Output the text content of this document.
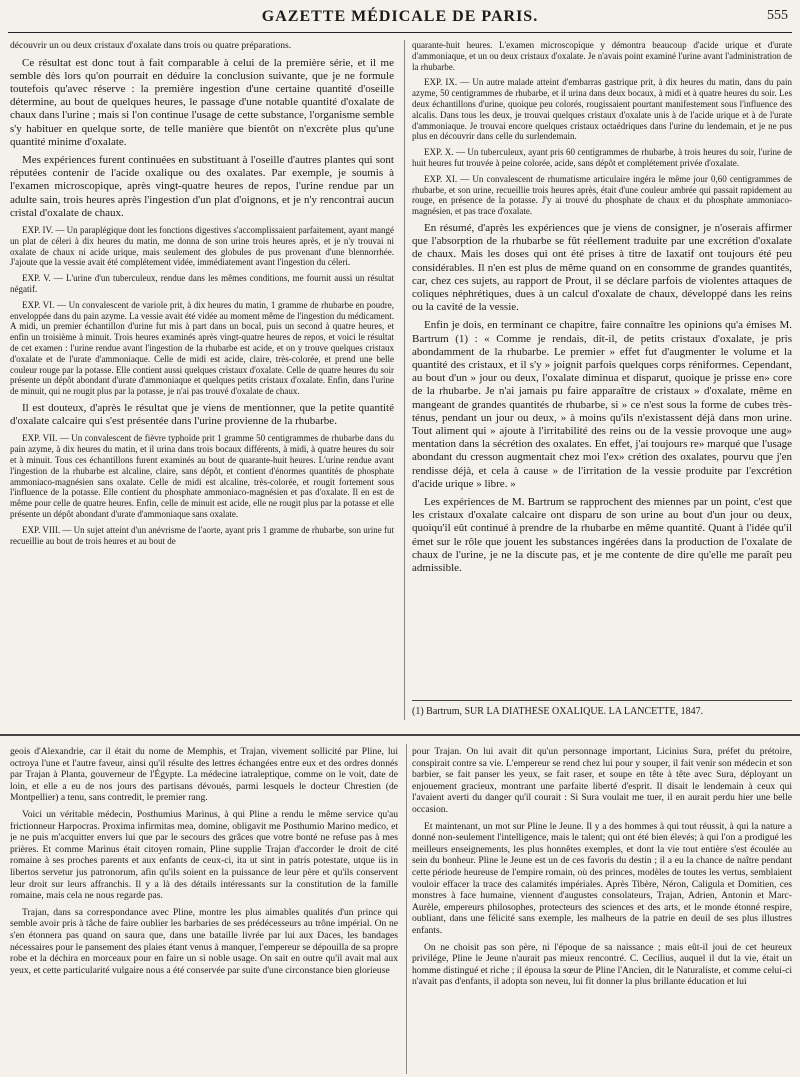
GAZETTE MÉDICALE DE PARIS.	555

découvrir un ou deux cristaux d'oxalate dans trois ou quatre préparations.

Ce résultat est donc tout à fait comparable à celui de la première série, et il me semble dès lors qu'on pourrait en déduire la conclusion suivante, que je ne formule toutefois qu'avec réserve : la première ingestion d'une certaine quantité d'oseille détermine, au bout de quelques heures, le passage d'une notable quantité d'oxalate de chaux dans l'urine ; mais si l'on continue l'usage de cette substance, l'organisme semble s'y habituer en quelque sorte, de telle manière que bientôt on n'excrète plus qu'une quantité minime d'oxalate.

Mes expériences furent continuées en substituant à l'oseille d'autres plantes qui sont réputées contenir de l'acide oxalique ou des oxalates. Par exemple, je soumis à l'examen microscopique, après vingt-quatre heures de repos, l'urine rendue par un adulte sain, trois heures après l'ingestion d'un plat d'oignons, et je n'y rencontrai aucun cristal d'oxalate de chaux.

EXP. IV. — Un paraplégique dont les fonctions digestives s'accomplissaient parfaitement, ayant mangé un plat de céleri à dix heures du matin, me donna de son urine trois heures après, et je n'y trouvai ni oxalate de chaux ni acide urique, mais seulement des globules de pus provenant d'une blennorrhée. J'ajoute que la vessie avait été complétement vidée, immédiatement avant l'ingestion du céleri.

EXP. V. — L'urine d'un tuberculeux, rendue dans les mêmes conditions, me fournit aussi un résultat négatif.

EXP. VI. — Un convalescent de variole prit, à dix heures du matin, 1 gramme de rhubarbe en poudre, enveloppée dans du pain azyme. La vessie avait été vidée au moment même de l'ingestion du médicament. A midi, un premier échantillon d'urine fut mis à part dans un bocal, puis un second à quatre heures, et enfin un troisième à minuit. Trois heures examinés après vingt-quatre heures de repos, et voici le résultat de cet examen : l'urine rendue avant l'ingestion de la rhubarbe est acide, et on y trouve quelques cristaux d'oxalate et de l'urate d'ammoniaque. Celle de midi est acide, claire, très-colorée, et prend une belle couleur rouge par la potasse. Elle contient aussi quelques cristaux d'oxalate. Celle de quatre heures du soir présente un dépôt abondant d'urate d'ammoniaque et quelques petits cristaux d'oxalate. Enfin, dans l'urine de minuit, qui ne rougit plus par la potasse, je n'ai pas trouvé d'oxalate de chaux.

Il est douteux, d'après le résultat que je viens de mentionner, que la petite quantité d'oxalate calcaire qui s'est présentée dans l'urine provienne de la rhubarbe.

EXP. VII. — Un convalescent de fièvre typhoïde prit 1 gramme 50 centigrammes de rhubarbe dans du pain azyme, à dix heures du matin, et il urina dans trois bocaux différents, à midi, à quatre heures du soir et à minuit. Tous ces échantillons furent examinés au bout de quarante-huit heures. L'urine rendue avant l'ingestion de la rhubarbe est alcaline, claire, sans dépôt, et contient d'énormes quantités de phosphate ammoniaco-magnésien sans oxalate. Celle de midi est alcaline, très-colorée, et rougit fortement sous l'influence de la potasse. Elle contient du phosphate ammoniaco-magnésien et pas d'oxalate. Il en est de même pour celle de quatre heures. Enfin, celle de minuit est acide, elle ne rougit plus par la potasse et elle présente un dépôt abondant d'urate d'ammoniaque sans oxalate.

EXP. VIII. — Un sujet atteint d'un anévrisme de l'aorte, ayant pris 1 gramme de rhubarbe, son urine fut recueillie au bout de trois heures et au bout de

quarante-huit heures. L'examen microscopique y démontra beaucoup d'acide urique et d'urate d'ammoniaque, et un ou deux cristaux d'oxalate. Je n'avais point examiné l'urine avant l'administration de la rhubarbe.

EXP. IX. — Un autre malade atteint d'embarras gastrique prit, à dix heures du matin, dans du pain azyme, 50 centigrammes de rhubarbe, et il urina dans deux bocaux, à midi et à quatre heures du soir. Les deux échantillons d'urine, quoique peu colorés, rougissaient pourtant manifestement sous l'influence des alcalis. Dans tous les deux, je trouvai quelques cristaux d'oxalate unis à de l'acide urique et à de l'urate d'ammoniaque. Je trouvai encore quelques cristaux octaédriques dans l'urine du lendemain, et je ne pus plus en découvrir dans celle du surlendemain.

EXP. X. — Un tuberculeux, ayant pris 60 centigrammes de rhubarbe, à trois heures du soir, l'urine de huit heures fut trouvée à peine colorée, acide, sans dépôt et complétement privée d'oxalate.

EXP. XI. — Un convalescent de rhumatisme articulaire ingéra le même jour 0,60 centigrammes de rhubarbe, et son urine, recueillie trois heures après, était d'une couleur ambrée qui passait rapidement au rouge, en présence de la potasse. J'y ai trouvé du phosphate de chaux et du phosphate ammoniaco-magnésien, et pas trace d'oxalate.

En résumé, d'après les expériences que je viens de consigner, je n'oserais affirmer que l'absorption de la rhubarbe se fût réellement traduite par une excrétion d'oxalate de chaux. Mais les doses qui ont été prises à titre de laxatif ont toujours été peu considérables. Il n'en est plus de même quand on en consomme de grandes quantités, car, chez ces sujets, au rapport de Prout, il se déclare parfois de violentes attaques de coliques néphrétiques, dues à un calcul d'oxalate de chaux, développé dans les reins ou la cavité de la vessie.

Enfin je dois, en terminant ce chapitre, faire connaître les opinions qu'a émises M. Bartrum (1) : « Comme je rendais, dit-il, de petits cristaux d'oxalate, je pris abondamment de la rhubarbe. Le premier » effet fut d'augmenter le volume et la quantité des cristaux, et il s'y » joignit parfois quelques corps réniformes. Cependant, au bout d'un » jour ou deux, l'oxalate diminua et disparut, quoique je prisse en» core de la rhubarbe. Je n'ai jamais pu faire apparaître de cristaux » d'oxalate, même en mangeant de grandes quantités de rhubarbe, si » ce n'est sous la forme de cubes très-ténus, pendant un jour ou deux, » à moins qu'ils n'existassent déjà dans mon urine. Tout aliment qui » ajoute à l'irritabilité des reins ou de la vessie provoque une aug» mentation dans la sécrétion des oxalates. En effet, j'ai toujours re» marqué que l'usage abondant du cresson augmentait chez moi l'ex» crétion des oxalates, pourvu que j'en rendisse déjà, et cela à cause » de l'irritation de la vessie produite par l'excrétion d'acide urique » libre. »

Les expériences de M. Bartrum se rapprochent des miennes par un point, c'est que les cristaux d'oxalate calcaire ont disparu de son urine au bout d'un jour ou deux, quoiqu'il eût continué à prendre de la rhubarbe en même quantité. Quant à l'idée qu'il émet sur le rôle que jouent les substances ingérées dans la production de l'oxalate de chaux de l'urine, je ne la discute pas, et je me contente de dire qu'elle me paraît peu admissible.

(1) Bartrum, SUR LA DIATHÈSE OXALIQUE. LA LANCETTE, 1847.

geois d'Alexandrie, car il était du nome de Memphis, et Trajan, vivement sollicité par Pline, lui octroya l'une et l'autre faveur, ainsi qu'il résulte des lettres échangées entre eux et des ordres donnés par Trajan à Planta, gouverneur de l'Égypte. La médecine iatraleptique, comme on le voit, date de loin, et elle a eu de nos jours des partisans dévoués, parmi lesquels le docteur Chrestien (de Montpellier) a tenu, sans contredit, le premier rang.

Voici un véritable médecin, Posthumius Marinus, à qui Pline a rendu le même service qu'au frictionneur Harpocras. Proxima infirmitas mea, domine, obligavit me Posthumio Marino medico, et je ne puis m'acquitter envers lui que par le secours des grâces que votre bonté ne refuse pas à mes prières. Et comme Marinus était citoyen romain, Pline supplie Trajan d'accorder le droit de cité romaine à ses proches parents et aux enfants de ceux-ci, ita ut sint in patris potestate, utque iis in libertos servetur jus patronorum, afin qu'ils soient en la puissance de leur père et qu'ils conservent leur droit sur leurs affranchis. Il y a là des détails intéressants sur la constitution de la famille romaine, mais cela ne nous regarde pas.

Trajan, dans sa correspondance avec Pline, montre les plus aimables qualités d'un prince qui semble avoir pris à tâche de faire oublier les barbaries de ses prédécesseurs au trône impérial. On ne s'en étonnera pas quand on saura que, dans une bataille livrée par lui aux Daces, les bandages nécessaires pour le pansement des plaies étant venus à manquer, l'empereur se dépouilla de sa propre robe et la déchira en morceaux pour en faire un si noble usage. On sait en outre qu'il avait mal aux yeux, et cette particularité vulgaire nous a été conservée par suite d'une circonstance bien glorieuse

pour Trajan. On lui avait dit qu'un personnage important, Licinius Sura, préfet du prétoire, conspirait contre sa vie. L'empereur se rend chez lui pour y souper, il fait venir son médecin et son barbier, se fait panser les yeux, se fait raser, et soupe en tête à tête avec Sura, déployant un enjouement gracieux, montrant une parfaite liberté d'esprit. Il disait le lendemain à ceux qui l'avaient averti du danger qu'il courait : Si Sura voulait me tuer, il en aurait perdu hier une belle occasion.

Et maintenant, un mot sur Pline le Jeune. Il y a des hommes à qui tout réussit, à qui la nature a donné non-seulement l'intelligence, mais le talent; qui ont été bien élevés; à qui l'on a prodigué les meilleurs enseignements, les plus honnêtes exemples, et dont la vie tout entière s'est écoulée au sein du bonheur. Pline le Jeune est un de ces favoris du destin ; il a eu la chance de naître pendant cette période heureuse de l'empire romain, où des princes, modèles de toutes les vertus, semblaient vouloir effacer la trace des calamités impériales. Après Tibère, Néron, Caligula et Domitien, ces monstres à face humaine, viennent d'augustes consolateurs, Trajan, Adrien, Antonin et Marc-Aurèle, empereurs philosophes, protecteurs des sciences et des arts, et le monde étonné respire, oubliant, dans une félicité sans exemple, les malheurs de la patrie en deuil de ses plus illustres enfants.

On ne choisit pas son père, ni l'époque de sa naissance ; mais eût-il joui de cet heureux privilége, Pline le Jeune n'aurait pas mieux rencontré. C. Cecilius, auquel il dut la vie, était un homme distingué et riche ; il épousa la sœur de Pline l'Ancien, dit le Naturaliste, et comme celui-ci n'avait pas d'enfants, il adopta son neveu, lui fit donner la plus brillante éducation et lui
